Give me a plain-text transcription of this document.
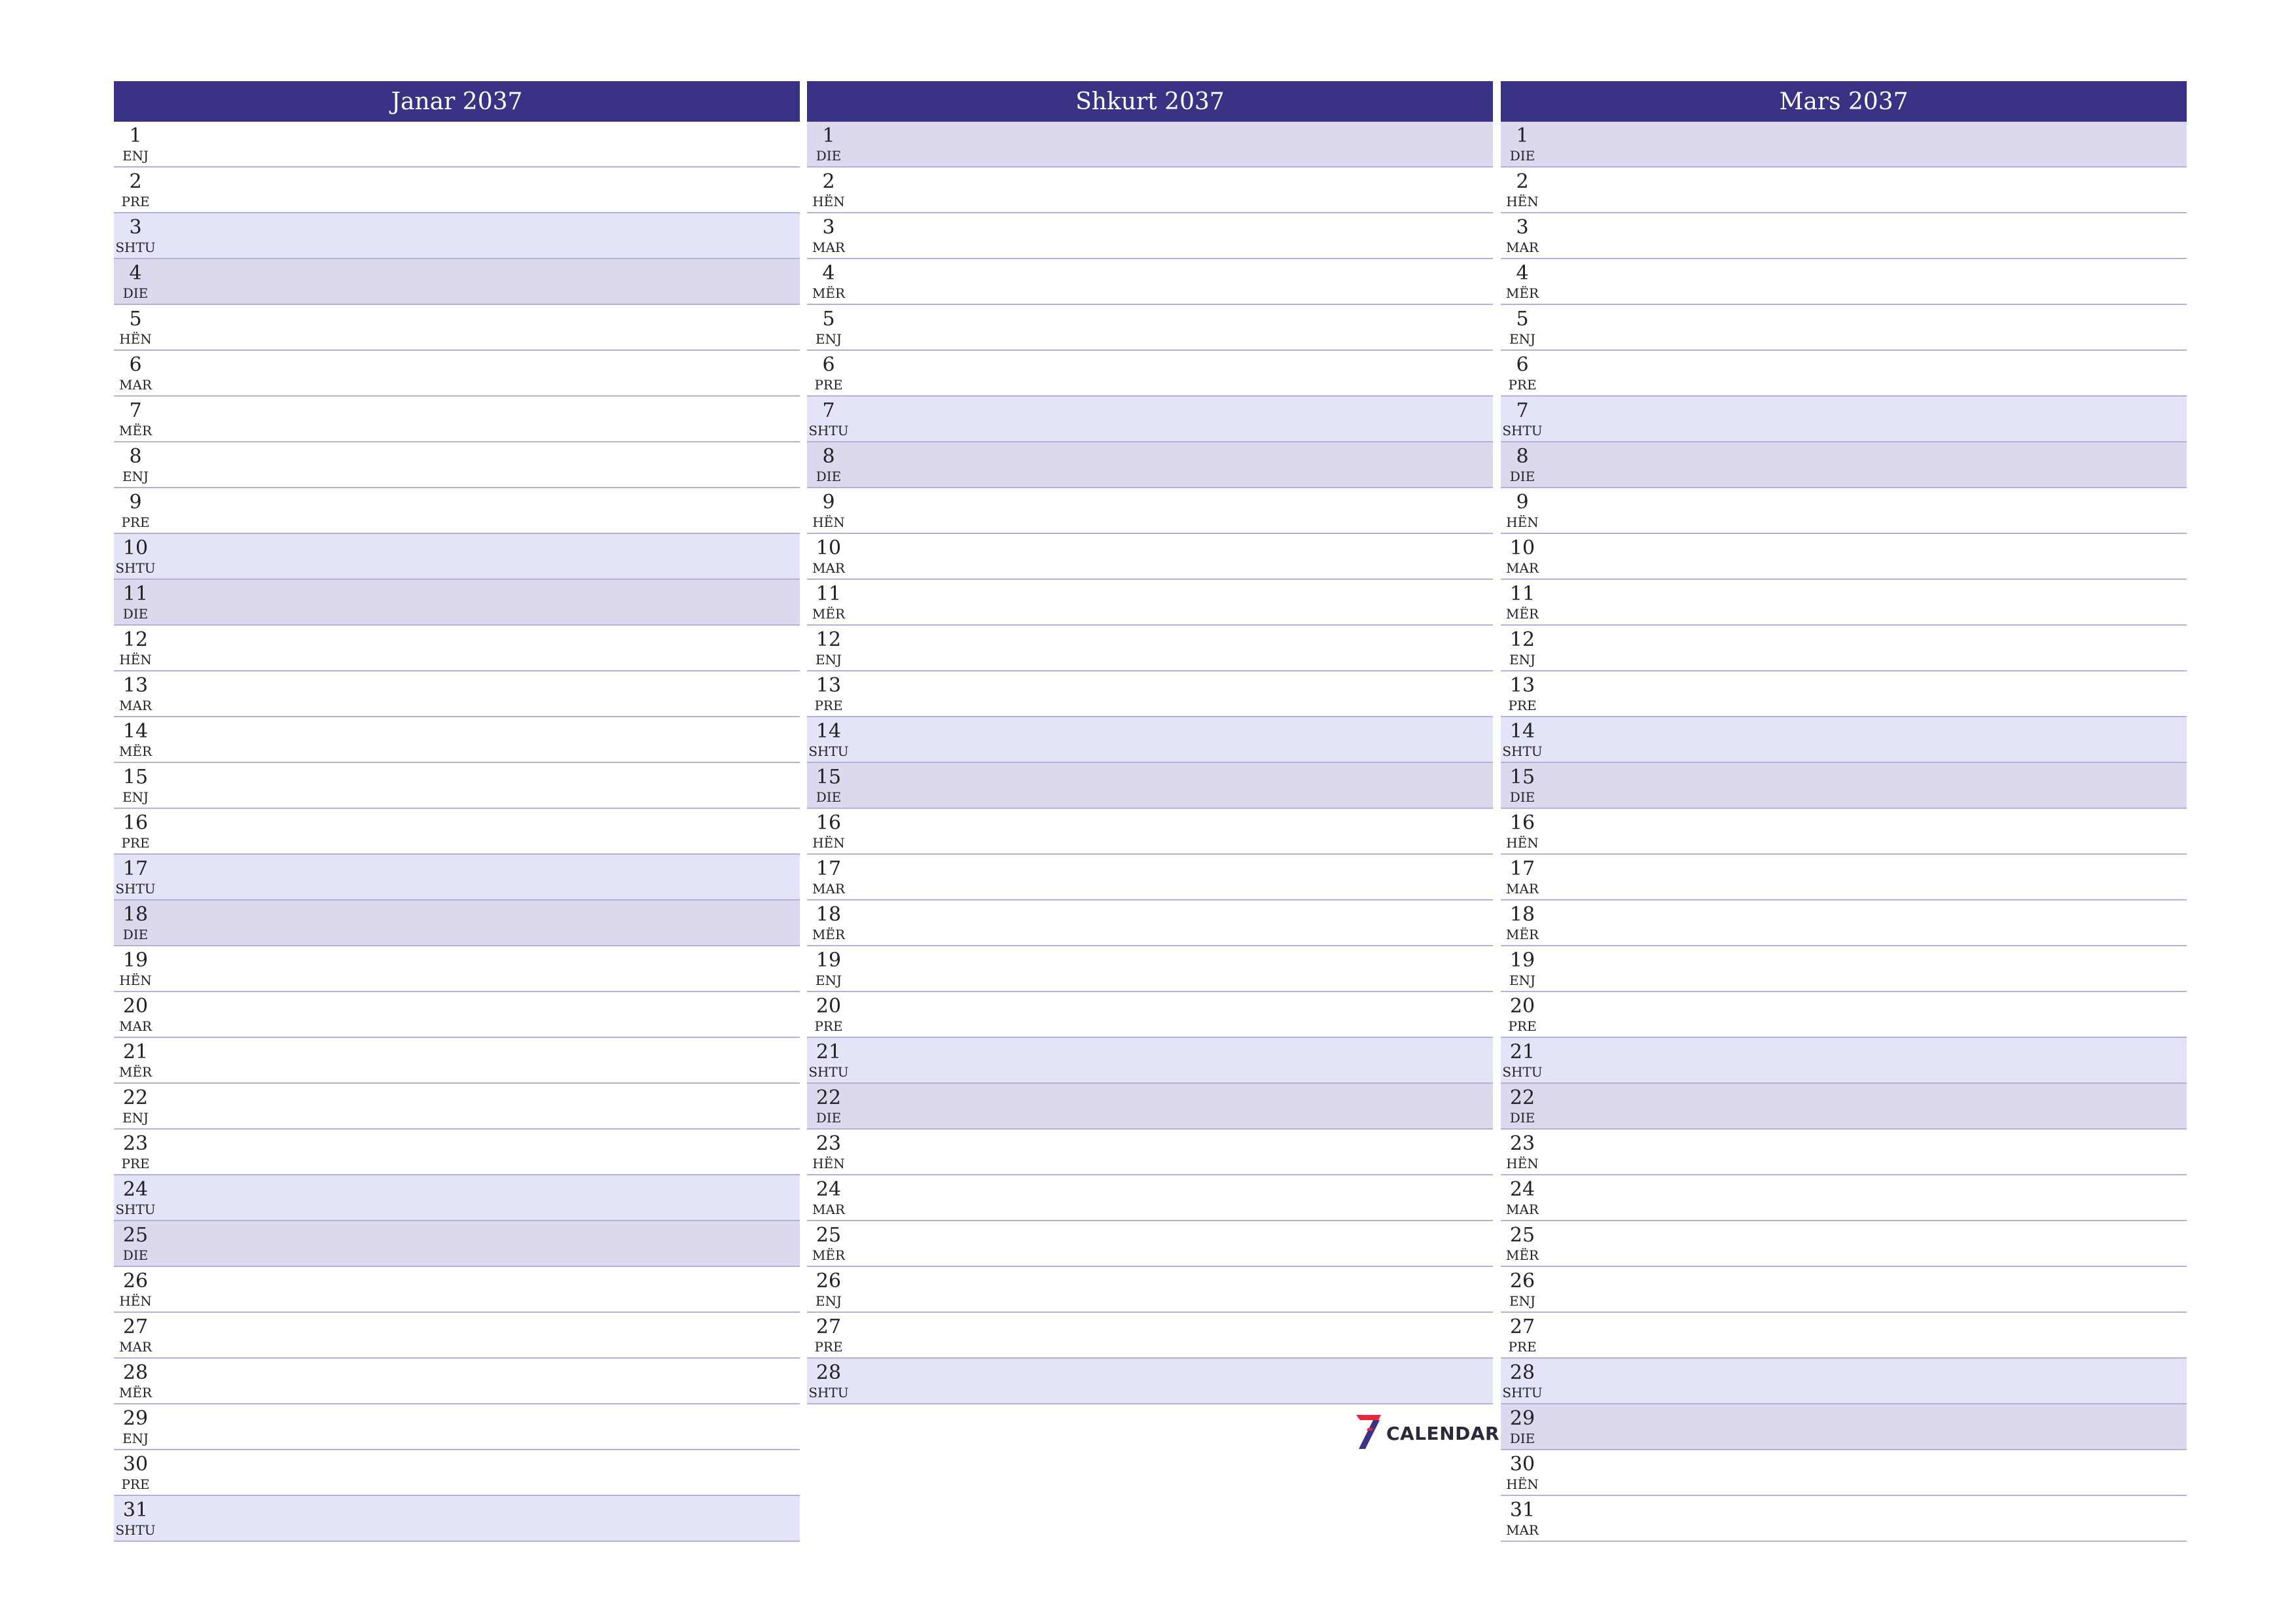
Janar 2037
1
ENJ
2
PRE
3
SHTU
4
DIE
5
HËN
6
MAR
7
MËR
8
ENJ
9
PRE
10
SHTU
11
DIE
12
HËN
13
MAR
14
MËR
15
ENJ
16
PRE
17
SHTU
18
DIE
19
HËN
20
MAR
21
MËR
22
ENJ
23
PRE
24
SHTU
25
DIE
26
HËN
27
MAR
28
MËR
29
ENJ
30
PRE
31
SHTU
Shkurt 2037
1
DIE
2
HËN
3
MAR
4
MËR
5
ENJ
6
PRE
7
SHTU
8
DIE
9
HËN
10
MAR
11
MËR
12
ENJ
13
PRE
14
SHTU
15
DIE
16
HËN
17
MAR
18
MËR
19
ENJ
20
PRE
21
SHTU
22
DIE
23
HËN
24
MAR
25
MËR
26
ENJ
27
PRE
28
SHTU
Mars 2037
1
DIE
2
HËN
3
MAR
4
MËR
5
ENJ
6
PRE
7
SHTU
8
DIE
9
HËN
10
MAR
11
MËR
12
ENJ
13
PRE
14
SHTU
15
DIE
16
HËN
17
MAR
18
MËR
19
ENJ
20
PRE
21
SHTU
22
DIE
23
HËN
24
MAR
25
MËR
26
ENJ
27
PRE
28
SHTU
29
DIE
30
HËN
31
MAR
CALENDAR
